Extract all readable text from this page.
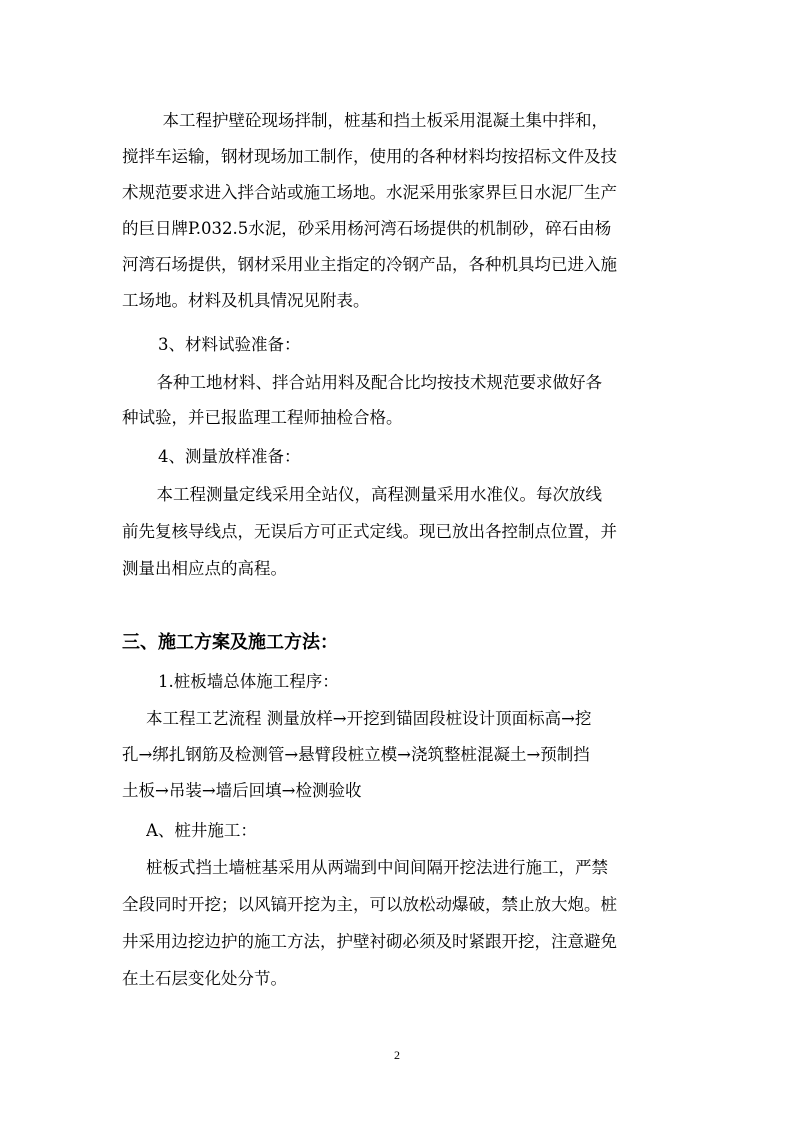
　本工程护壁砼现场拌制，桩基和挡土板采用混凝土集中拌和，
搅拌车运输，钢材现场加工制作，使用的各种材料均按招标文件及技
术规范要求进入拌合站或施工场地。水泥采用张家界巨日水泥厂生产
的巨日牌P.032.5水泥，砂采用杨河湾石场提供的机制砂，碎石由杨
河湾石场提供，钢材采用业主指定的冷钢产品，各种机具均已进入施
工场地。材料及机具情况见附表。
3、材料试验准备：
　各种工地材料、拌合站用料及配合比均按技术规范要求做好各
种试验，并已报监理工程师抽检合格。
4、测量放样准备：
　本工程测量定线采用全站仪，高程测量采用水准仪。每次放线
前先复核导线点，无误后方可正式定线。现已放出各控制点位置，并
测量出相应点的高程。
三、施工方案及施工方法：
1.桩板墙总体施工程序：
本工程工艺流程 测量放样→开挖到锚固段桩设计顶面标高→挖
孔→绑扎钢筋及检测管→悬臂段桩立模→浇筑整桩混凝土→预制挡
土板→吊装→墙后回填→检测验收
A、桩井施工：
桩板式挡土墙桩基采用从两端到中间间隔开挖法进行施工，严禁
全段同时开挖；以风镐开挖为主，可以放松动爆破，禁止放大炮。桩
井采用边挖边护的施工方法，护壁衬砌必须及时紧跟开挖，注意避免
在土石层变化处分节。
2
